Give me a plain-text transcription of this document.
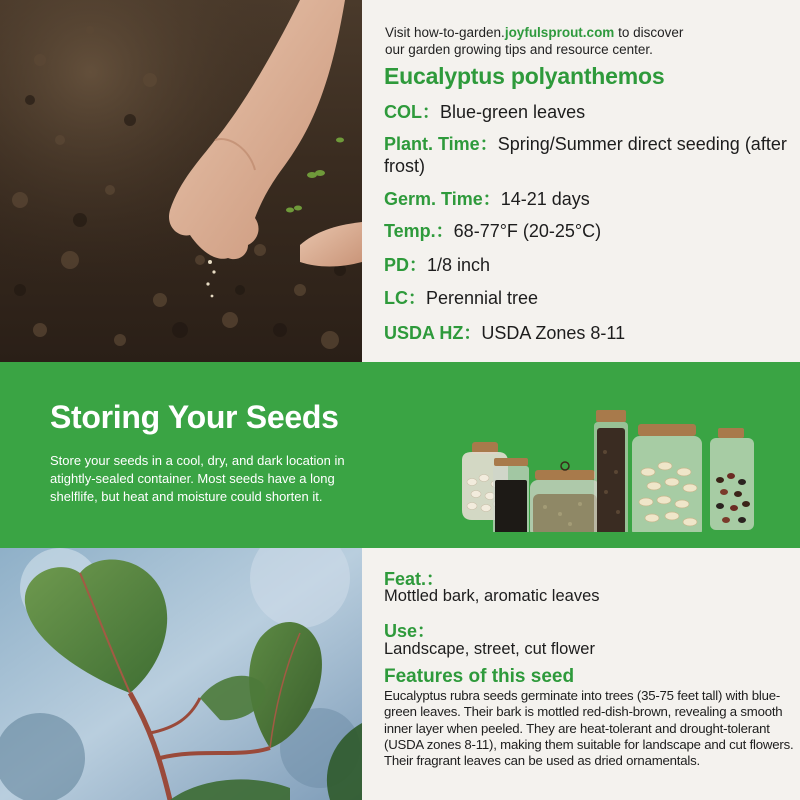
Visit how-to-garden.joyfulsprout.com to discover
our garden growing tips and resource center.
Eucalyptus polyanthemos
COL：Blue-green leaves
Plant. Time：Spring/Summer direct seeding (after frost)
Germ. Time：14-21 days
Temp.：68-77°F (20-25°C)
PD：1/8 inch
LC：Perennial tree
USDA HZ：USDA Zones 8-11
Storing Your Seeds
Store your seeds in a cool, dry, and dark location in atightly-sealed container. Most seeds have a long shelflife, but heat and moisture could shorten it.
Feat.：
Mottled bark, aromatic leaves
Use：
Landscape, street, cut flower
Features of this seed
Eucalyptus rubra seeds germinate into trees (35-75 feet tall) with blue-green leaves. Their bark is mottled red-dish-brown, revealing a smooth inner layer when peeled. They are heat-tolerant and drought-tolerant (USDA zones 8-11), making them suitable for landscape and cut flowers. Their fragrant leaves can be used as dried ornamentals.
